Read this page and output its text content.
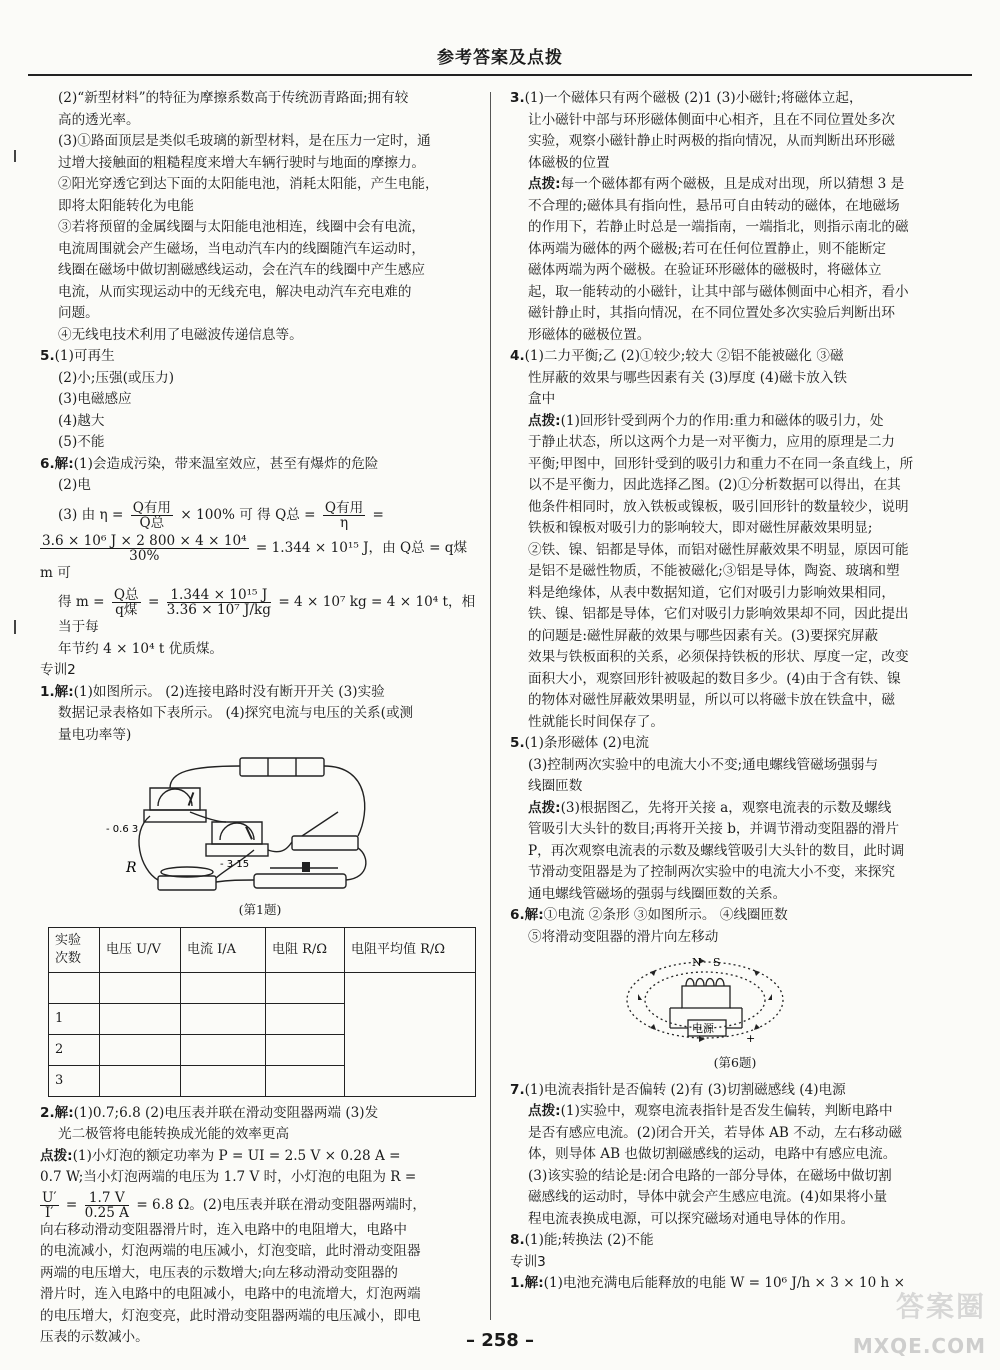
参考答案及点拨

(2)“新型材料”的特征为摩擦系数高于传统沥青路面;拥有较

高的透光率。

(3)①路面顶层是类似毛玻璃的新型材料，是在压力一定时，通

过增大接触面的粗糙程度来增大车辆行驶时与地面的摩擦力。

②阳光穿透它到达下面的太阳能电池，消耗太阳能，产生电能，

即将太阳能转化为电能

③若将预留的金属线圈与太阳能电池相连，线圈中会有电流，

电流周围就会产生磁场，当电动汽车内的线圈随汽车运动时，

线圈在磁场中做切割磁感线运动，会在汽车的线圈中产生感应

电流，从而实现运动中的无线充电，解决电动汽车充电难的

问题。

④无线电技术利用了电磁波传递信息等。

5.(1)可再生

(2)小;压强(或压力)

(3)电磁感应

(4)越大

(5)不能

6.解:(1)会造成污染，带来温室效应，甚至有爆炸的危险

(2)电

(3) 由 $\eta = \frac{\text{Q有用}}{\text{Q总}} \times 100\%$ 可 得 Q总 = $\frac{\text{Q有用}}{\eta}$ =

$\frac{\text{3.6 × 10⁶ J × 2 800 × 4 × 10⁴}}{30\%} = 1.344 \times 10^{15}$ J，由 Q总 = q煤 m 可

得 $m = \frac{\text{Q总}}{\text{q煤}} = \frac{\text{1.344 × 10¹⁵ J}}{\text{3.36 × 10⁷ J/kg}} = 4 \times 10^7$ kg = 4 × 10⁴ t，相当于每

年节约 4 × 10⁴ t 优质煤。

专训2

1.解:(1)如图所示。 (2)连接电路时没有断开开关 (3)实验

数据记录表格如下表所示。 (4)探究电流与电压的关系(或测

量电功率等)

- 0.6 3
- 3 15
R

(第1题)

实验次数	电压 U/V	电流 I/A	电阻 R/Ω	电阻平均值 R/Ω

1				
2				
3				

2.解:(1)0.7;6.8 (2)电压表并联在滑动变阻器两端 (3)发

光二极管将电能转换成光能的效率更高

点拨:(1)小灯泡的额定功率为 P = UI = 2.5 V × 0.28 A =

0.7 W;当小灯泡两端的电压为 1.7 V 时，小灯泡的电阻为 R =

$\frac{U'}{I'} = \frac{1.7 V}{0.25 A} = 6.8$ Ω。(2)电压表并联在滑动变阻器两端时，

向右移动滑动变阻器滑片时，连入电路中的电阻增大，电路中

的电流减小，灯泡两端的电压减小，灯泡变暗，此时滑动变阻器

两端的电压增大，电压表的示数增大;向左移动滑动变阻器的

滑片时，连入电路中的电阻减小，电路中的电流增大，灯泡两端

的电压增大，灯泡变亮，此时滑动变阻器两端的电压减小，即电

压表的示数减小。

3.(1)一个磁体只有两个磁极 (2)1 (3)小磁针;将磁体立起，

让小磁针中部与环形磁体侧面中心相齐，且在不同位置处多次

实验，观察小磁针静止时两极的指向情况，从而判断出环形磁

体磁极的位置

点拨:每一个磁体都有两个磁极，且是成对出现，所以猜想 3 是

不合理的;磁体具有指向性，悬吊可自由转动的磁体，在地磁场

的作用下，若静止时总是一端指南，一端指北，则指示南北的磁

体两端为磁体的两个磁极;若可在任何位置静止，则不能断定

磁体两端为两个磁极。在验证环形磁体的磁极时，将磁体立

起，取一能转动的小磁针，让其中部与磁体侧面中心相齐，看小

磁针静止时，其指向情况，在不同位置处多次实验后判断出环

形磁体的磁极位置。

4.(1)二力平衡;乙 (2)①较少;较大 ②铝不能被磁化 ③磁

性屏蔽的效果与哪些因素有关 (3)厚度 (4)磁卡放入铁

盒中

点拨:(1)回形针受到两个力的作用:重力和磁体的吸引力，处

于静止状态，所以这两个力是一对平衡力，应用的原理是二力

平衡;甲图中，回形针受到的吸引力和重力不在同一条直线上，所

以不是平衡力，因此选择乙图。(2)①分析数据可以得出，在其

他条件相同时，放入铁板或镍板，吸引回形针的数量较少，说明

铁板和镍板对吸引力的影响较大，即对磁性屏蔽效果明显;

②铁、镍、铝都是导体，而铝对磁性屏蔽效果不明显，原因可能

是铝不是磁性物质，不能被磁化;③铝是导体，陶瓷、玻璃和塑

料是绝缘体，从表中数据知道，它们对吸引力影响效果相同，

铁、镍、铝都是导体，它们对吸引力影响效果却不同，因此提出

的问题是:磁性屏蔽的效果与哪些因素有关。(3)要探究屏蔽

效果与铁板面积的关系，必须保持铁板的形状、厚度一定，改变

面积大小，观察回形针被吸起的数目多少。(4)由于含有铁、镍

的物体对磁性屏蔽效果明显，所以可以将磁卡放在铁盒中，磁

性就能长时间保存了。

5.(1)条形磁体 (2)电流

(3)控制两次实验中的电流大小不变;通电螺线管磁场强弱与

线圈匝数

点拨:(3)根据图乙，先将开关接 a，观察电流表的示数及螺线

管吸引大头针的数目;再将开关接 b，并调节滑动变阻器的滑片

P，再次观察电流表的示数及螺线管吸引大头针的数目，此时调

节滑动变阻器是为了控制两次实验中的电流大小不变，来探究

通电螺线管磁场的强弱与线圈匝数的关系。

6.解:①电流 ②条形 ③如图所示。 ④线圈匝数

⑤将滑动变阻器的滑片向左移动

N S
电源
+

(第6题)

7.(1)电流表指针是否偏转 (2)有 (3)切割磁感线 (4)电源

点拨:(1)实验中，观察电流表指针是否发生偏转，判断电路中

是否有感应电流。(2)闭合开关，若导体 AB 不动，左右移动磁

体，则导体 AB 也做切割磁感线的运动，电路中有感应电流。

(3)该实验的结论是:闭合电路的一部分导体，在磁场中做切割

磁感线的运动时，导体中就会产生感应电流。(4)如果将小量

程电流表换成电源，可以探究磁场对通电导体的作用。

8.(1)能;转换法 (2)不能

专训3

1.解:(1)电池充满电后能释放的电能 W = 10⁶ J/h × 3 × 10 h ×

– 258 –
答案圈
MXQE.COM
